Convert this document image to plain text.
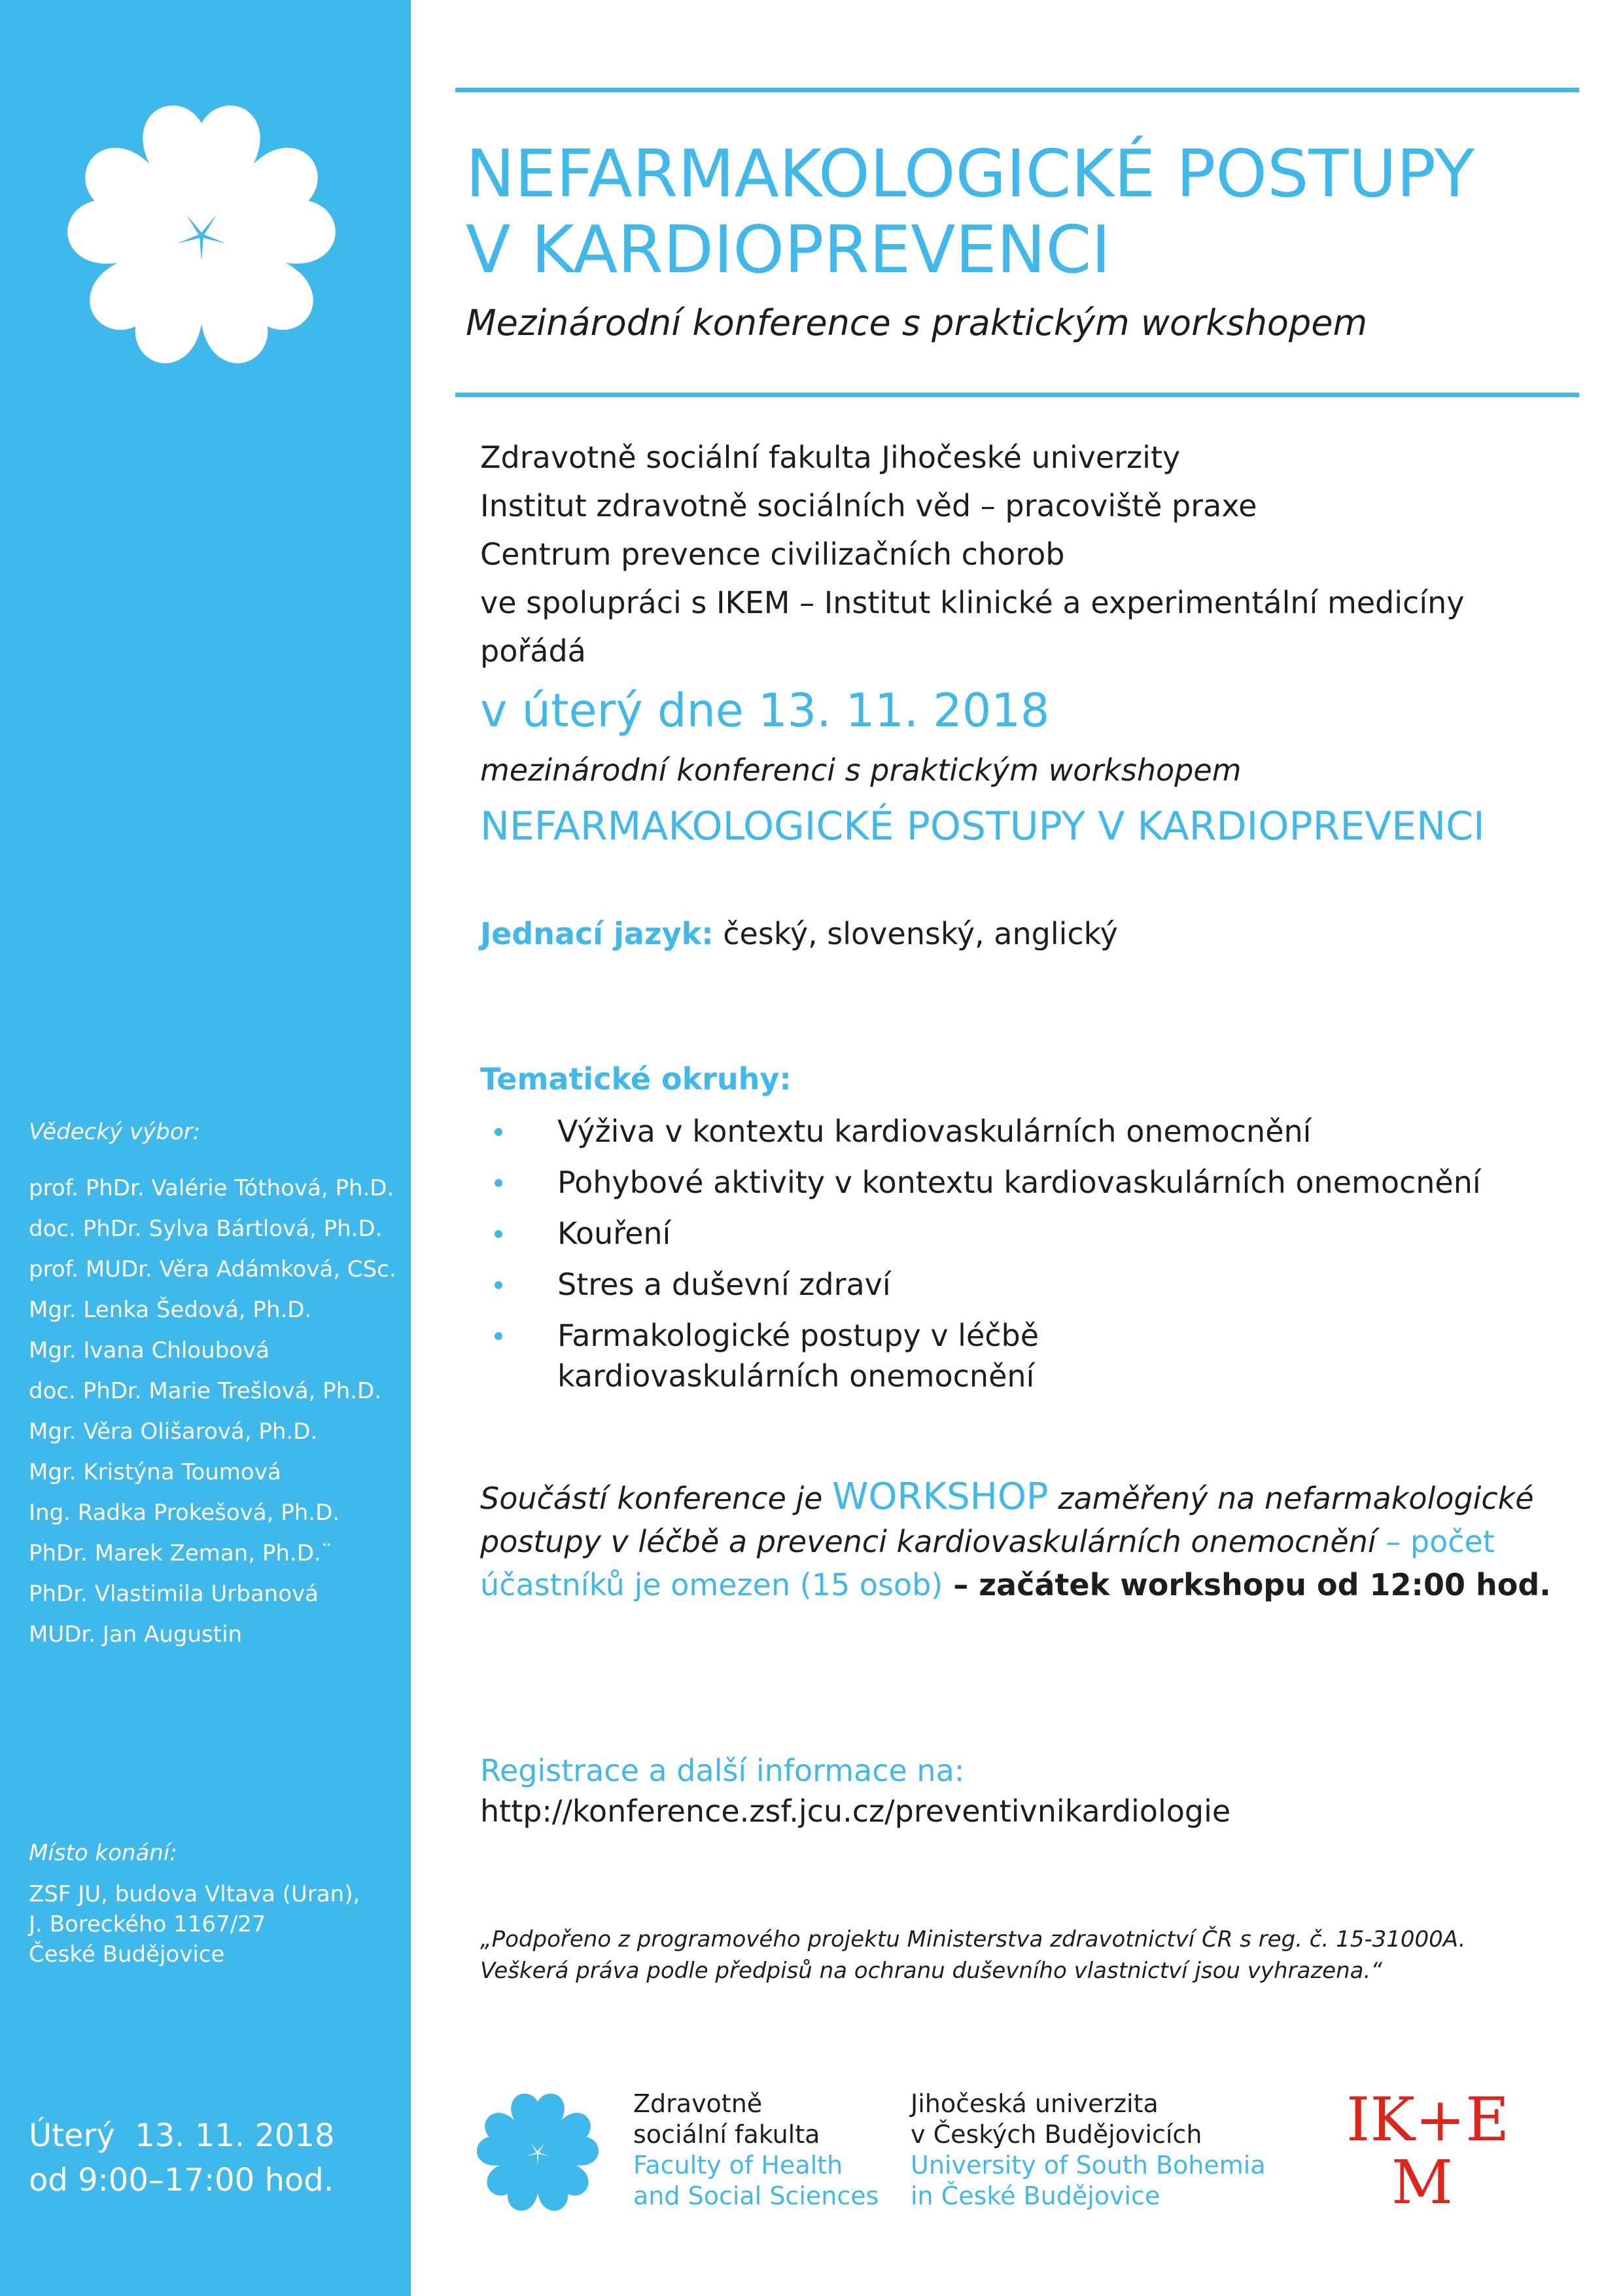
Vědecký výbor:
prof. PhDr. Valérie Tóthová, Ph.D.
doc. PhDr. Sylva Bártlová, Ph.D.
prof. MUDr. Věra Adámková, CSc.
Mgr. Lenka Šedová, Ph.D.
Mgr. Ivana Chloubová
doc. PhDr. Marie Trešlová, Ph.D.
Mgr. Věra Olišarová, Ph.D.
Mgr. Kristýna Toumová
Ing. Radka Prokešová, Ph.D.
PhDr. Marek Zeman, Ph.D.¨
PhDr. Vlastimila Urbanová
MUDr. Jan Augustin
Místo konání:
ZSF JU, budova Vltava (Uran),
J. Boreckého 1167/27
České Budějovice
Úterý  13. 11. 2018
od 9:00–17:00 hod.
NEFARMAKOLOGICKÉ POSTUPY
V KARDIOPREVENCI
Mezinárodní konference s praktickým workshopem
Zdravotně sociální fakulta Jihočeské univerzity
Institut zdravotně sociálních věd – pracoviště praxe
Centrum prevence civilizačních chorob
ve spolupráci s IKEM – Institut klinické a experimentální medicíny
pořádá
v úterý dne 13. 11. 2018
mezinárodní konferenci s praktickým workshopem
NEFARMAKOLOGICKÉ POSTUPY V KARDIOPREVENCI
Jednací jazyk: český, slovenský, anglický
Tematické okruhy:
Výživa v kontextu kardiovaskulárních onemocnění
Pohybové aktivity v kontextu kardiovaskulárních onemocnění
Kouření
Stres a duševní zdraví
Farmakologické postupy v léčbě kardiovaskulárních onemocnění
Součástí konference je WORKSHOP zaměřený na nefarmakologické postupy v léčbě a prevenci kardiovaskulárních onemocnění – počet účastníků je omezen (15 osob) – začátek workshopu od 12:00 hod.
Registrace a další informace na:
http://konference.zsf.jcu.cz/preventivnikardiologie
„Podpořeno z programového projektu Ministerstva zdravotnictví ČR s reg. č. 15-31000A.
Veškerá práva podle předpisů na ochranu duševního vlastnictví jsou vyhrazena.“
Zdravotně
sociální fakulta
Faculty of Health
and Social Sciences
Jihočeská univerzita
v Českých Budějovicích
University of South Bohemia
in České Budějovice
IK+E
M
